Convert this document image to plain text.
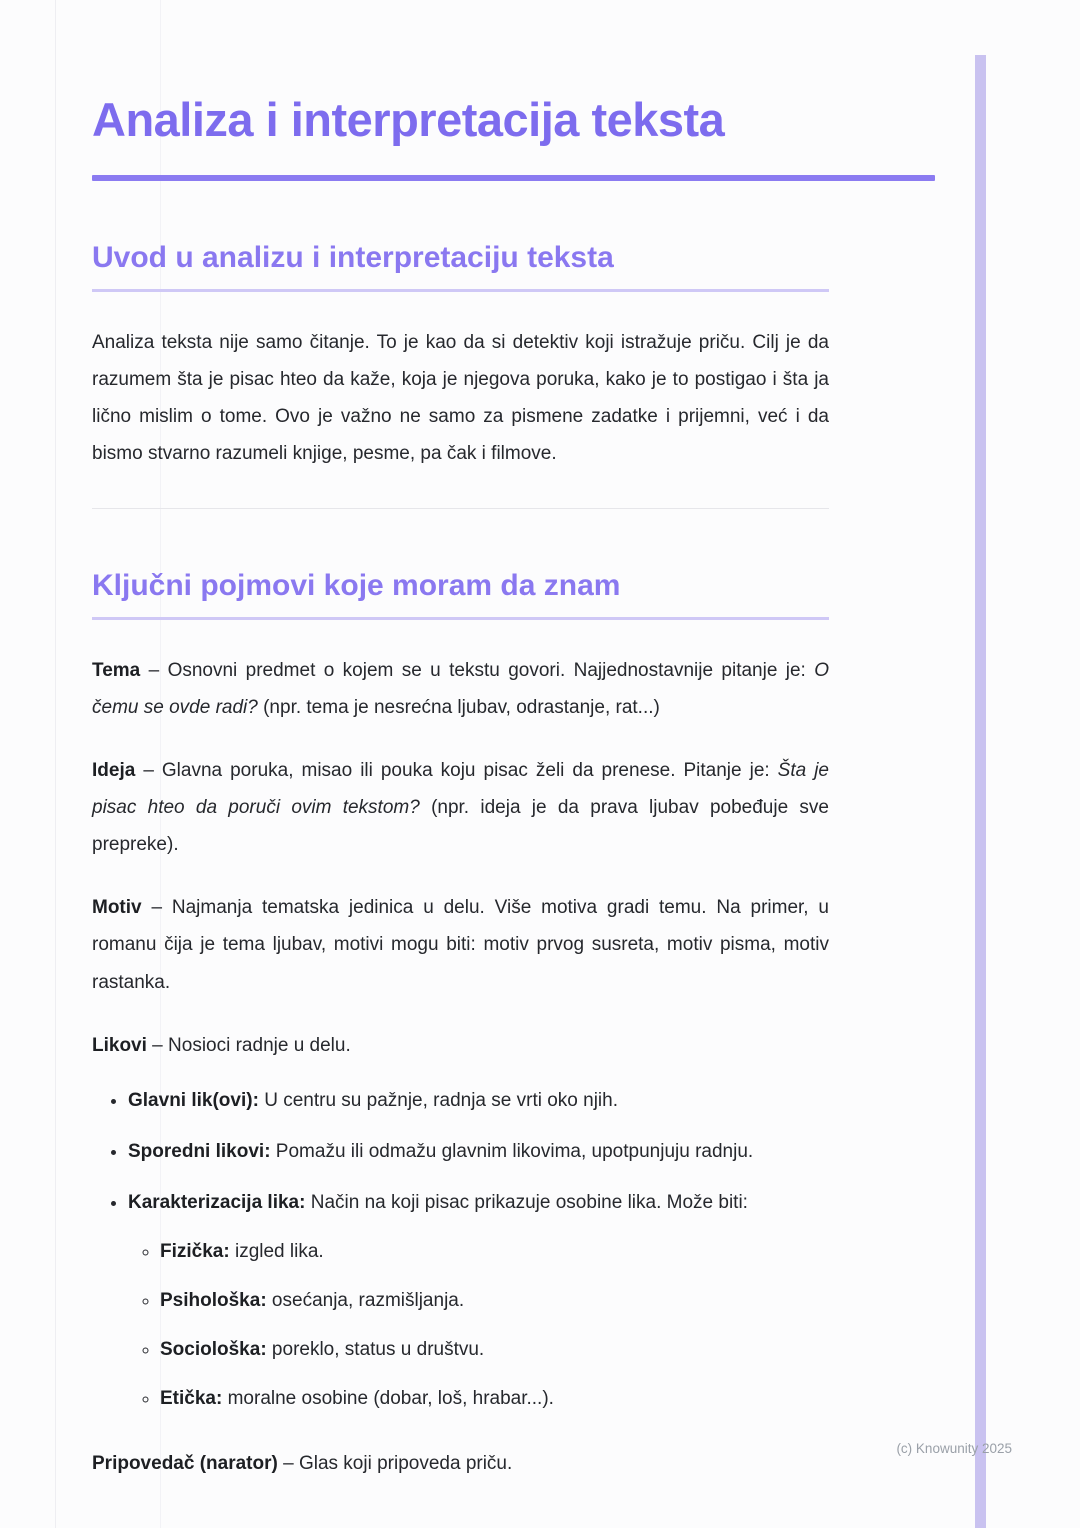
Analiza i interpretacija teksta
Uvod u analizu i interpretaciju teksta

Analiza teksta nije samo čitanje. To je kao da si detektiv koji istražuje priču. Cilj je da razumem šta je pisac hteo da kaže, koja je njegova poruka, kako je to postigao i šta ja lično mislim o tome. Ovo je važno ne samo za pismene zadatke i prijemni, već i da bismo stvarno razumeli knjige, pesme, pa čak i filmove.

Ključni pojmovi koje moram da znam

Tema – Osnovni predmet o kojem se u tekstu govori. Najjednostavnije pitanje je: O čemu se ovde radi? (npr. tema je nesrećna ljubav, odrastanje, rat...)

Ideja – Glavna poruka, misao ili pouka koju pisac želi da prenese. Pitanje je: Šta je pisac hteo da poruči ovim tekstom? (npr. ideja je da prava ljubav pobeđuje sve prepreke).

Motiv – Najmanja tematska jedinica u delu. Više motiva gradi temu. Na primer, u romanu čija je tema ljubav, motivi mogu biti: motiv prvog susreta, motiv pisma, motiv rastanka.

Likovi – Nosioci radnje u delu.

• Glavni lik(ovi): U centru su pažnje, radnja se vrti oko njih.
• Sporedni likovi: Pomažu ili odmažu glavnim likovima, upotpunjuju radnju.
• Karakterizacija lika: Način na koji pisac prikazuje osobine lika. Može biti:
◦ Fizička: izgled lika.
◦ Psihološka: osećanja, razmišljanja.
◦ Sociološka: poreklo, status u društvu.
◦ Etička: moralne osobine (dobar, loš, hrabar...).

Pripovedač (narator) – Glas koji pripoveda priču.

(c) Knowunity 2025
